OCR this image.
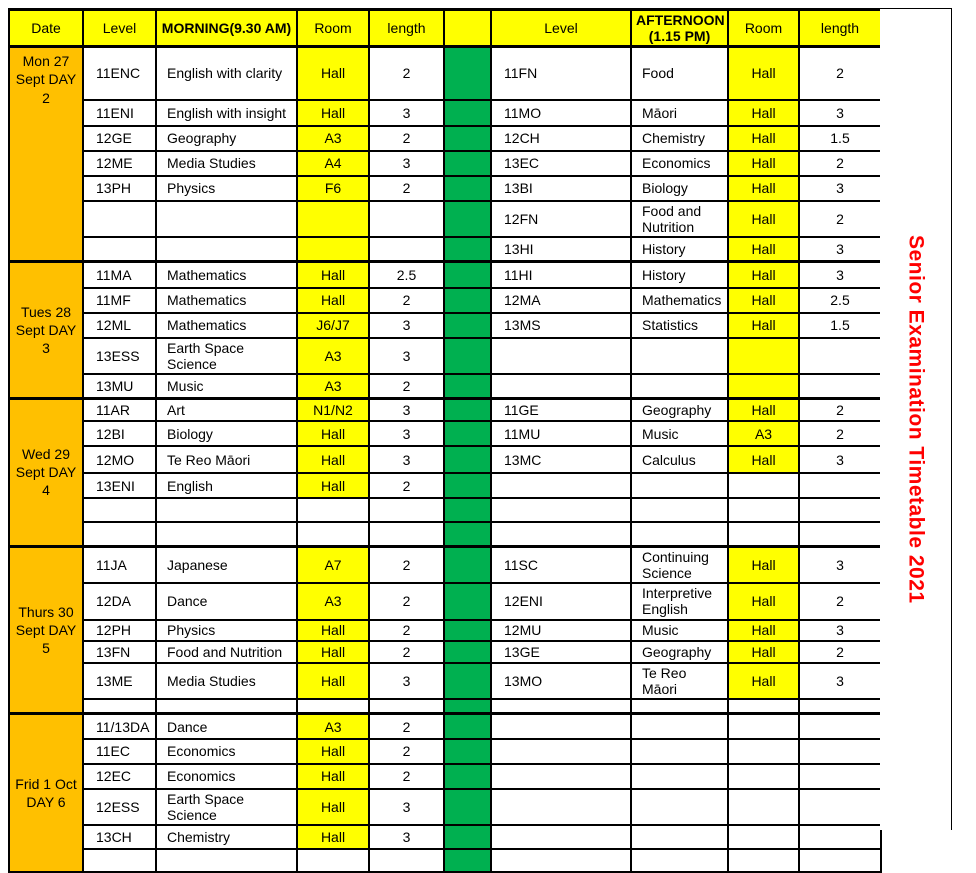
Date	Level	MORNING(9.30 AM)	Room	length		Level	AFTERNOON (1.15 PM)	Room	length
Mon 27 Sept DAY 2	11ENC	English with clarity	Hall	2		11FN	Food	Hall	2
	11ENI	English with insight	Hall	3		11MO	Māori	Hall	3
	12GE	Geography	A3	2		12CH	Chemistry	Hall	1.5
	12ME	Media Studies	A4	3		13EC	Economics	Hall	2
	13PH	Physics	F6	2		13BI	Biology	Hall	3
						12FN	Food and Nutrition	Hall	2
						13HI	History	Hall	3
Tues 28 Sept DAY 3	11MA	Mathematics	Hall	2.5		11HI	History	Hall	3
	11MF	Mathematics	Hall	2		12MA	Mathematics	Hall	2.5
	12ML	Mathematics	J6/J7	3		13MS	Statistics	Hall	1.5
	13ESS	Earth Space Science	A3	3					
	13MU	Music	A3	2					
Wed 29 Sept DAY 4	11AR	Art	N1/N2	3		11GE	Geography	Hall	2
	12BI	Biology	Hall	3		11MU	Music	A3	2
	12MO	Te Reo Māori	Hall	3		13MC	Calculus	Hall	3
	13ENI	English	Hall	2					

Thurs 30 Sept DAY 5	11JA	Japanese	A7	2		11SC	Continuing Science	Hall	3
	12DA	Dance	A3	2		12ENI	Interpretive English	Hall	2
	12PH	Physics	Hall	2		12MU	Music	Hall	3
	13FN	Food and Nutrition	Hall	2		13GE	Geography	Hall	2
	13ME	Media Studies	Hall	3		13MO	Te Reo Māori	Hall	3

Frid 1 Oct DAY 6	11/13DA	Dance	A3	2					
	11EC	Economics	Hall	2					
	12EC	Economics	Hall	2					
	12ESS	Earth Space Science	Hall	3					
	13CH	Chemistry	Hall	3					

Senior Examination Timetable 2021
